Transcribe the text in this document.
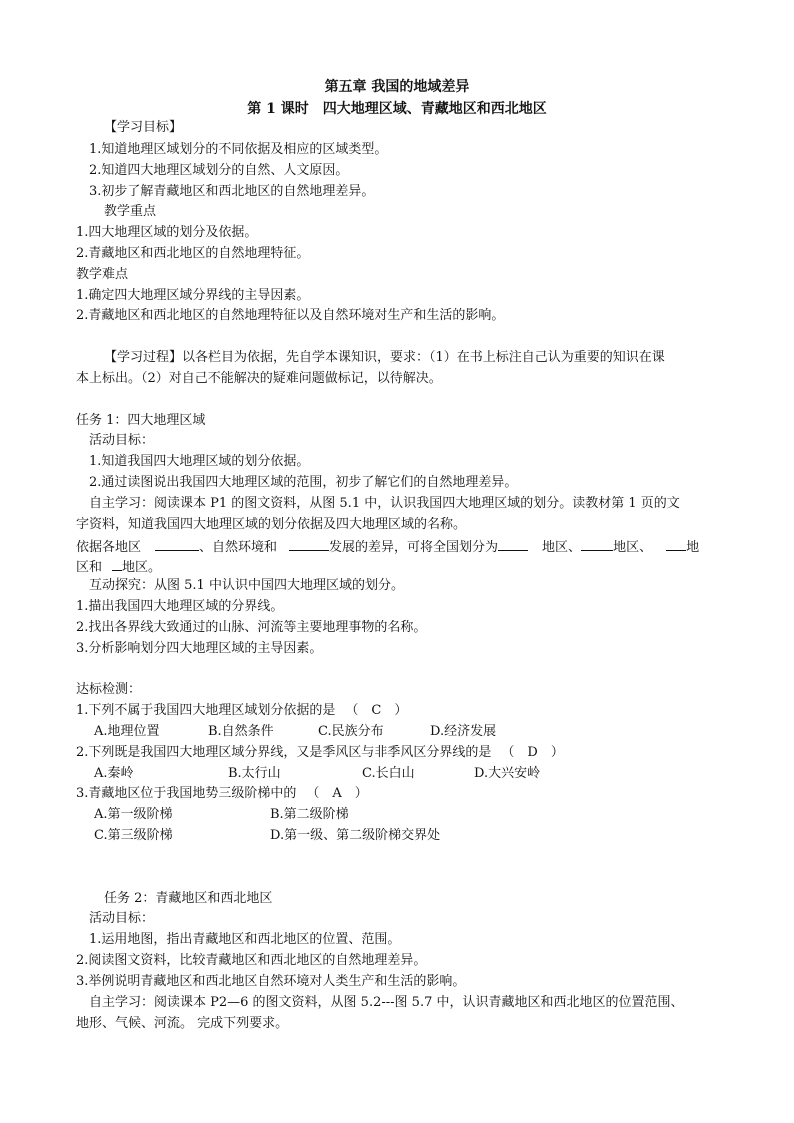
第五章 我国的地域差异
第 1 课时　四大地理区域、青藏地区和西北地区
【学习目标】
1.知道地理区域划分的不同依据及相应的区域类型。
2.知道四大地理区域划分的自然、人文原因。
3.初步了解青藏地区和西北地区的自然地理差异。
教学重点
1.四大地理区域的划分及依据。
2.青藏地区和西北地区的自然地理特征。
教学难点
1.确定四大地理区域分界线的主导因素。
2.青藏地区和西北地区的自然地理特征以及自然环境对生产和生活的影响。
【学习过程】以各栏目为依据，先自学本课知识，要求：（1）在书上标注自己认为重要的知识在课
本上标出。（2）对自己不能解决的疑难问题做标记，以待解决。
任务 1：四大地理区域
活动目标：
1.知道我国四大地理区域的划分依据。
2.通过读图说出我国四大地理区域的范围，初步了解它们的自然地理差异。
自主学习：阅读课本 P1 的图文资料，从图 5.1 中，认识我国四大地理区域的划分。读教材第 1 页的文
字资料，知道我国四大地理区域的划分依据及四大地理区域的名称。
依据各地区	、自然环境和	发展的差异，可将全国划分为	地区、 地区、	地
区和 地区。
互动探究：从图 5.1 中认识中国四大地理区域的划分。
1.描出我国四大地理区域的分界线。
2.找出各界线大致通过的山脉、河流等主要地理事物的名称。
3.分析影响划分四大地理区域的主导因素。
达标检测：
1.下列不属于我国四大地理区域划分依据的是 （　C　）
A.地理位置	B.自然条件	C.民族分布	D.经济发展
2.下列既是我国四大地理区域分界线，又是季风区与非季风区分界线的是 （　D　）
A.秦岭	B.太行山	C.长白山	D.大兴安岭
3.青藏地区位于我国地势三级阶梯中的 （　A　）
A.第一级阶梯	B.第二级阶梯
C.第三级阶梯	D.第一级、第二级阶梯交界处
任务 2：青藏地区和西北地区
活动目标：
1.运用地图，指出青藏地区和西北地区的位置、范围。
2.阅读图文资料，比较青藏地区和西北地区的自然地理差异。
3.举例说明青藏地区和西北地区自然环境对人类生产和生活的影响。
自主学习：阅读课本 P2—6 的图文资料，从图 5.2---图 5.7 中，认识青藏地区和西北地区的位置范围、
地形、气候、河流。 完成下列要求。
